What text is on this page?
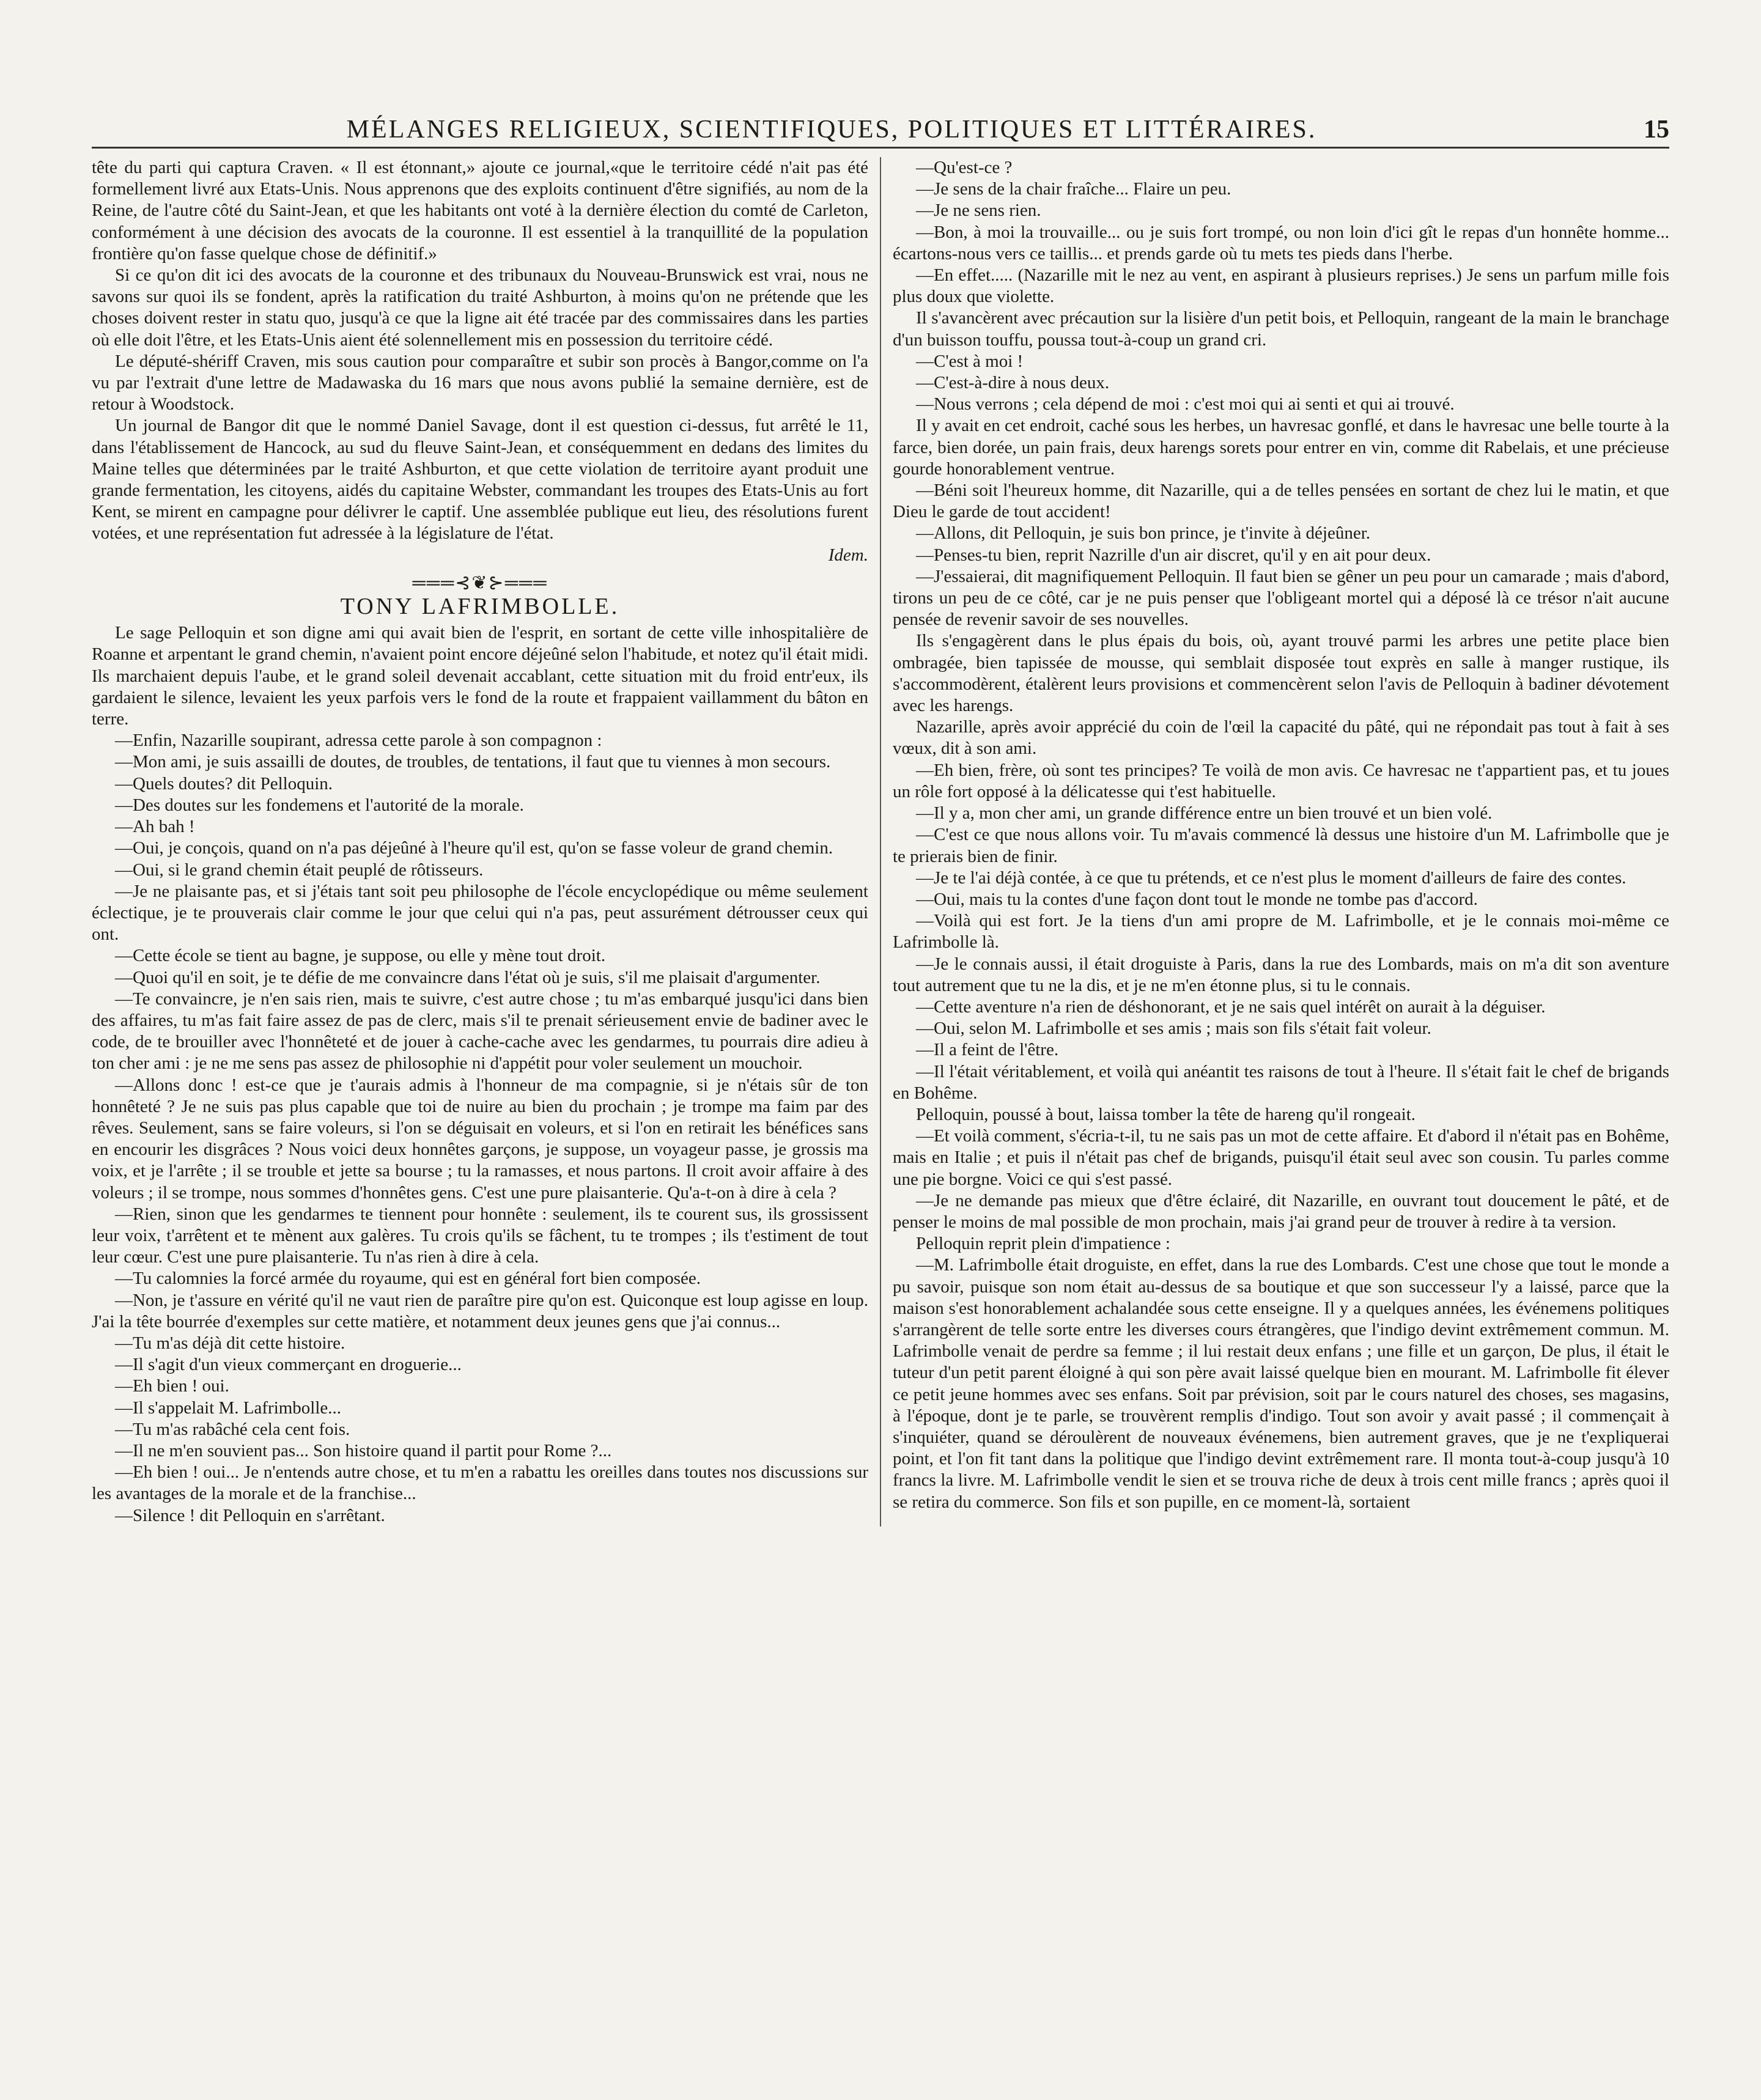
MÉLANGES RELIGIEUX, SCIENTIFIQUES, POLITIQUES ET LITTÉRAIRES.	15

tête du parti qui captura Craven. « Il est étonnant,» ajoute ce journal,«que le territoire cédé n'ait pas été formellement livré aux Etats-Unis. Nous apprenons que des exploits continuent d'être signifiés, au nom de la Reine, de l'autre côté du Saint-Jean, et que les habitants ont voté à la dernière élection du comté de Carleton, conformément à une décision des avocats de la couronne. Il est essentiel à la tranquillité de la population frontière qu'on fasse quelque chose de définitif.»

Si ce qu'on dit ici des avocats de la couronne et des tribunaux du Nouveau-Brunswick est vrai, nous ne savons sur quoi ils se fondent, après la ratification du traité Ashburton, à moins qu'on ne prétende que les choses doivent rester in statu quo, jusqu'à ce que la ligne ait été tracée par des commissaires dans les parties où elle doit l'être, et les Etats-Unis aient été solennellement mis en possession du territoire cédé.

Le député-shériff Craven, mis sous caution pour comparaître et subir son procès à Bangor,comme on l'a vu par l'extrait d'une lettre de Madawaska du 16 mars que nous avons publié la semaine dernière, est de retour à Woodstock.

Un journal de Bangor dit que le nommé Daniel Savage, dont il est question ci-dessus, fut arrêté le 11, dans l'établissement de Hancock, au sud du fleuve Saint-Jean, et conséquemment en dedans des limites du Maine telles que déterminées par le traité Ashburton, et que cette violation de territoire ayant produit une grande fermentation, les citoyens, aidés du capitaine Webster, commandant les troupes des Etats-Unis au fort Kent, se mirent en campagne pour délivrer le captif. Une assemblée publique eut lieu, des résolutions furent votées, et une représentation fut adressée à la législature de l'état.

Idem.

═══⊰❦⊱═══
TONY LAFRIMBOLLE.

Le sage Pelloquin et son digne ami qui avait bien de l'esprit, en sortant de cette ville inhospitalière de Roanne et arpentant le grand chemin, n'avaient point encore déjeûné selon l'habitude, et notez qu'il était midi. Ils marchaient depuis l'aube, et le grand soleil devenait accablant, cette situation mit du froid entr'eux, ils gardaient le silence, levaient les yeux parfois vers le fond de la route et frappaient vaillamment du bâton en terre.

—Enfin, Nazarille soupirant, adressa cette parole à son compagnon :

—Mon ami, je suis assailli de doutes, de troubles, de tentations, il faut que tu viennes à mon secours.

—Quels doutes? dit Pelloquin.

—Des doutes sur les fondemens et l'autorité de la morale.

—Ah bah !

—Oui, je conçois, quand on n'a pas déjeûné à l'heure qu'il est, qu'on se fasse voleur de grand chemin.

—Oui, si le grand chemin était peuplé de rôtisseurs.

—Je ne plaisante pas, et si j'étais tant soit peu philosophe de l'école encyclopédique ou même seulement éclectique, je te prouverais clair comme le jour que celui qui n'a pas, peut assurément détrousser ceux qui ont.

—Cette école se tient au bagne, je suppose, ou elle y mène tout droit.

—Quoi qu'il en soit, je te défie de me convaincre dans l'état où je suis, s'il me plaisait d'argumenter.

—Te convaincre, je n'en sais rien, mais te suivre, c'est autre chose ; tu m'as embarqué jusqu'ici dans bien des affaires, tu m'as fait faire assez de pas de clerc, mais s'il te prenait sérieusement envie de badiner avec le code, de te brouiller avec l'honnêteté et de jouer à cache-cache avec les gendarmes, tu pourrais dire adieu à ton cher ami : je ne me sens pas assez de philosophie ni d'appétit pour voler seulement un mouchoir.

—Allons donc ! est-ce que je t'aurais admis à l'honneur de ma compagnie, si je n'étais sûr de ton honnêteté ? Je ne suis pas plus capable que toi de nuire au bien du prochain ; je trompe ma faim par des rêves. Seulement, sans se faire voleurs, si l'on se déguisait en voleurs, et si l'on en retirait les bénéfices sans en encourir les disgrâces ? Nous voici deux honnêtes garçons, je suppose, un voyageur passe, je grossis ma voix, et je l'arrête ; il se trouble et jette sa bourse ; tu la ramasses, et nous partons. Il croit avoir affaire à des voleurs ; il se trompe, nous sommes d'honnêtes gens. C'est une pure plaisanterie. Qu'a-t-on à dire à cela ?

—Rien, sinon que les gendarmes te tiennent pour honnête : seulement, ils te courent sus, ils grossissent leur voix, t'arrêtent et te mènent aux galères. Tu crois qu'ils se fâchent, tu te trompes ; ils t'estiment de tout leur cœur. C'est une pure plaisanterie. Tu n'as rien à dire à cela.

—Tu calomnies la forcé armée du royaume, qui est en général fort bien composée.

—Non, je t'assure en vérité qu'il ne vaut rien de paraître pire qu'on est. Quiconque est loup agisse en loup. J'ai la tête bourrée d'exemples sur cette matière, et notamment deux jeunes gens que j'ai connus...

—Tu m'as déjà dit cette histoire.

—Il s'agit d'un vieux commerçant en droguerie...

—Eh bien ! oui.

—Il s'appelait M. Lafrimbolle...

—Tu m'as rabâché cela cent fois.

—Il ne m'en souvient pas... Son histoire quand il partit pour Rome ?...

—Eh bien ! oui... Je n'entends autre chose, et tu m'en a rabattu les oreilles dans toutes nos discussions sur les avantages de la morale et de la franchise...

—Silence ! dit Pelloquin en s'arrêtant.

—Qu'est-ce ?

—Je sens de la chair fraîche... Flaire un peu.

—Je ne sens rien.

—Bon, à moi la trouvaille... ou je suis fort trompé, ou non loin d'ici gît le repas d'un honnête homme... écartons-nous vers ce taillis... et prends garde où tu mets tes pieds dans l'herbe.

—En effet..... (Nazarille mit le nez au vent, en aspirant à plusieurs reprises.) Je sens un parfum mille fois plus doux que violette.

Il s'avancèrent avec précaution sur la lisière d'un petit bois, et Pelloquin, rangeant de la main le branchage d'un buisson touffu, poussa tout-à-coup un grand cri.

—C'est à moi !

—C'est-à-dire à nous deux.

—Nous verrons ; cela dépend de moi : c'est moi qui ai senti et qui ai trouvé.

Il y avait en cet endroit, caché sous les herbes, un havresac gonflé, et dans le havresac une belle tourte à la farce, bien dorée, un pain frais, deux harengs sorets pour entrer en vin, comme dit Rabelais, et une précieuse gourde honorablement ventrue.

—Béni soit l'heureux homme, dit Nazarille, qui a de telles pensées en sortant de chez lui le matin, et que Dieu le garde de tout accident!

—Allons, dit Pelloquin, je suis bon prince, je t'invite à déjeûner.

—Penses-tu bien, reprit Nazrille d'un air discret, qu'il y en ait pour deux.

—J'essaierai, dit magnifiquement Pelloquin. Il faut bien se gêner un peu pour un camarade ; mais d'abord, tirons un peu de ce côté, car je ne puis penser que l'obligeant mortel qui a déposé là ce trésor n'ait aucune pensée de revenir savoir de ses nouvelles.

Ils s'engagèrent dans le plus épais du bois, où, ayant trouvé parmi les arbres une petite place bien ombragée, bien tapissée de mousse, qui semblait disposée tout exprès en salle à manger rustique, ils s'accommodèrent, étalèrent leurs provisions et commencèrent selon l'avis de Pelloquin à badiner dévotement avec les harengs.

Nazarille, après avoir apprécié du coin de l'œil la capacité du pâté, qui ne répondait pas tout à fait à ses vœux, dit à son ami.

—Eh bien, frère, où sont tes principes? Te voilà de mon avis. Ce havresac ne t'appartient pas, et tu joues un rôle fort opposé à la délicatesse qui t'est habituelle.

—Il y a, mon cher ami, un grande différence entre un bien trouvé et un bien volé.

—C'est ce que nous allons voir. Tu m'avais commencé là dessus une histoire d'un M. Lafrimbolle que je te prierais bien de finir.

—Je te l'ai déjà contée, à ce que tu prétends, et ce n'est plus le moment d'ailleurs de faire des contes.

—Oui, mais tu la contes d'une façon dont tout le monde ne tombe pas d'accord.

—Voilà qui est fort. Je la tiens d'un ami propre de M. Lafrimbolle, et je le connais moi-même ce Lafrimbolle là.

—Je le connais aussi, il était droguiste à Paris, dans la rue des Lombards, mais on m'a dit son aventure tout autrement que tu ne la dis, et je ne m'en étonne plus, si tu le connais.

—Cette aventure n'a rien de déshonorant, et je ne sais quel intérêt on aurait à la déguiser.

—Oui, selon M. Lafrimbolle et ses amis ; mais son fils s'était fait voleur.

—Il a feint de l'être.

—Il l'était véritablement, et voilà qui anéantit tes raisons de tout à l'heure. Il s'était fait le chef de brigands en Bohême.

Pelloquin, poussé à bout, laissa tomber la tête de hareng qu'il rongeait.

—Et voilà comment, s'écria-t-il, tu ne sais pas un mot de cette affaire. Et d'abord il n'était pas en Bohême, mais en Italie ; et puis il n'était pas chef de brigands, puisqu'il était seul avec son cousin. Tu parles comme une pie borgne. Voici ce qui s'est passé.

—Je ne demande pas mieux que d'être éclairé, dit Nazarille, en ouvrant tout doucement le pâté, et de penser le moins de mal possible de mon prochain, mais j'ai grand peur de trouver à redire à ta version.

Pelloquin reprit plein d'impatience :

—M. Lafrimbolle était droguiste, en effet, dans la rue des Lombards. C'est une chose que tout le monde a pu savoir, puisque son nom était au-dessus de sa boutique et que son successeur l'y a laissé, parce que la maison s'est honorablement achalandée sous cette enseigne. Il y a quelques années, les événemens politiques s'arrangèrent de telle sorte entre les diverses cours étrangères, que l'indigo devint extrêmement commun. M. Lafrimbolle venait de perdre sa femme ; il lui restait deux enfans ; une fille et un garçon, De plus, il était le tuteur d'un petit parent éloigné à qui son père avait laissé quelque bien en mourant. M. Lafrimbolle fit élever ce petit jeune hommes avec ses enfans. Soit par prévision, soit par le cours naturel des choses, ses magasins, à l'époque, dont je te parle, se trouvèrent remplis d'indigo. Tout son avoir y avait passé ; il commençait à s'inquiéter, quand se déroulèrent de nouveaux événemens, bien autrement graves, que je ne t'expliquerai point, et l'on fit tant dans la politique que l'indigo devint extrêmement rare. Il monta tout-à-coup jusqu'à 10 francs la livre. M. Lafrimbolle vendit le sien et se trouva riche de deux à trois cent mille francs ; après quoi il se retira du commerce. Son fils et son pupille, en ce moment-là, sortaient
